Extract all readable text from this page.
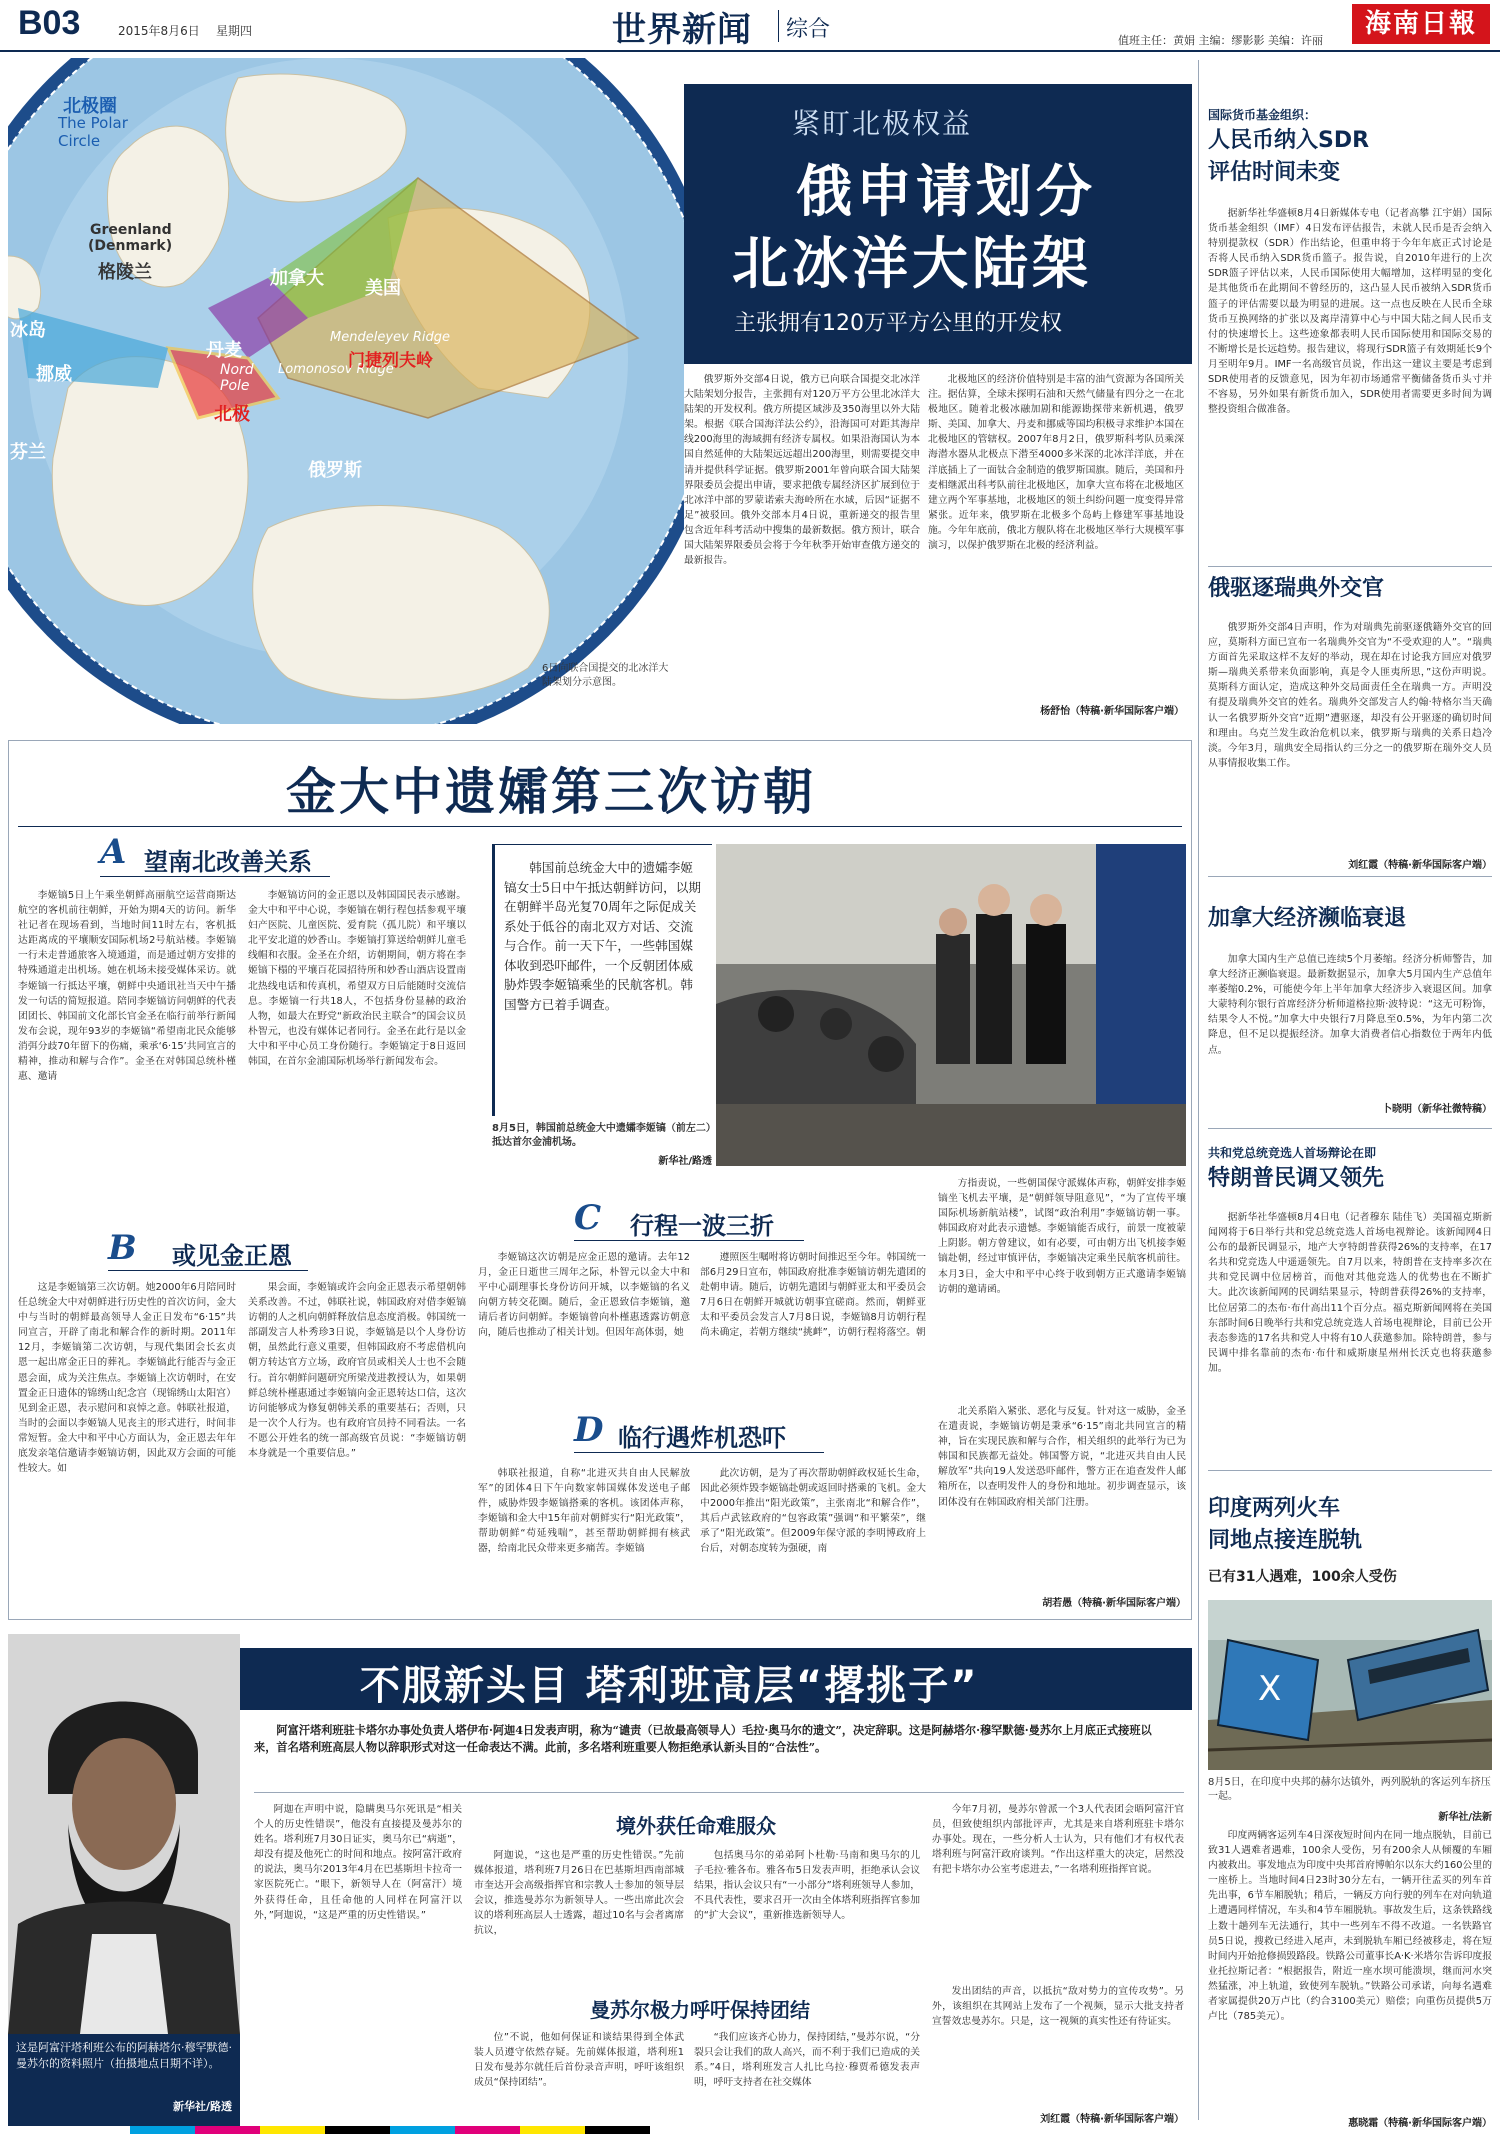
B03	2015年8月6日 星期四	世界新闻 综合	值班主任：黄娟 主编：缪影影 美编：许丽
海南日報
北极圈
The Polar
Circle
Greenland
(Denmark)
格陵兰
冰岛
挪威
丹麦
加拿大 美国
Nord
Pole
北极
Mendeleyev Ridge
Lomonosov Ridge
门捷列夫岭
俄罗斯
芬兰
6日向联合国提交的北冰洋大陆架划分示意图。
紧盯北极权益
俄申请划分
北冰洋大陆架
主张拥有120万平方公里的开发权
俄罗斯外交部4日说，俄方已向联合国提交北冰洋大陆架划分报告，主张拥有对120万平方公里北冰洋大陆架的开发权利。俄方所提区域涉及350海里以外大陆架。根据《联合国海洋法公约》，沿海国可对距其海岸线200海里的海域拥有经济专属权。如果沿海国认为本国自然延伸的大陆架远远超出200海里，则需要提交申请并提供科学证据。俄罗斯2001年曾向联合国大陆架界限委员会提出申请，要求把俄专属经济区扩展到位于北冰洋中部的罗蒙诺索夫海岭所在水域，后因“证据不足”被驳回。俄外交部本月4日说，重新递交的报告里包含近年科考活动中搜集的最新数据。俄方预计，联合国大陆架界限委员会将于今年秋季开始审查俄方递交的最新报告。
北极地区的经济价值特别是丰富的油气资源为各国所关注。据估算，全球未探明石油和天然气储量有四分之一在北极地区。随着北极冰融加剧和能源勘探带来新机遇，俄罗斯、美国、加拿大、丹麦和挪威等国均积极寻求维护本国在北极地区的管辖权。2007年8月2日，俄罗斯科考队员乘深海潜水器从北极点下潜至4000多米深的北冰洋洋底，并在洋底插上了一面钛合金制造的俄罗斯国旗。随后，美国和丹麦相继派出科考队前往北极地区，加拿大宣布将在北极地区建立两个军事基地，北极地区的领土纠纷问题一度变得异常紧张。近年来，俄罗斯在北极多个岛屿上修建军事基地设施。今年年底前，俄北方舰队将在北极地区举行大规模军事演习，以保护俄罗斯在北极的经济利益。
杨舒怡（特稿·新华国际客户端）
国际货币基金组织：
人民币纳入SDR
评估时间未变
据新华社华盛顿8月4日新媒体专电（记者高攀 江宇娟）国际货币基金组织（IMF）4日发布评估报告，未就人民币是否会纳入特别提款权（SDR）作出结论，但重申将于今年年底正式讨论是否将人民币纳入SDR货币篮子。报告说，自2010年进行的上次SDR篮子评估以来，人民币国际使用大幅增加，这样明显的变化是其他货币在此期间不曾经历的，这凸显人民币被纳入SDR货币篮子的评估需要以最为明显的进展。这一点也反映在人民币全球货币互换网络的扩张以及离岸清算中心与中国大陆之间人民币支付的快速增长上。这些迹象都表明人民币国际使用和国际交易的不断增长是长远趋势。报告建议，将现行SDR篮子有效期延长9个月至明年9月。IMF一名高级官员说，作出这一建议主要是考虑到SDR使用者的反馈意见，因为年初市场通常平衡储备货币头寸并不容易，另外如果有新货币加入，SDR使用者需要更多时间为调整投资组合做准备。
俄驱逐瑞典外交官
俄罗斯外交部4日声明，作为对瑞典先前驱逐俄籍外交官的回应，莫斯科方面已宣布一名瑞典外交官为“不受欢迎的人”。“瑞典方面首先采取这样不友好的举动，现在却在讨论我方回应对俄罗斯—瑞典关系带来负面影响，真是令人匪夷所思，”这份声明说。莫斯科方面认定，造成这种外交局面责任全在瑞典一方。声明没有提及瑞典外交官的姓名。瑞典外交部发言人约翰·特格尔当天确认一名俄罗斯外交官“近期”遭驱逐，却没有公开驱逐的确切时间和理由。乌克兰发生政治危机以来，俄罗斯与瑞典的关系日趋冷淡。今年3月，瑞典安全局指认约三分之一的俄罗斯在瑞外交人员从事情报收集工作。
刘红霞（特稿·新华国际客户端）
加拿大经济濒临衰退
加拿大国内生产总值已连续5个月萎缩。经济分析师警告，加拿大经济正濒临衰退。最新数据显示，加拿大5月国内生产总值年率萎缩0.2%，可能使今年上半年加拿大经济步入衰退区间。加拿大蒙特利尔银行首席经济分析师道格拉斯·波特说：“这无可粉饰，结果令人不悦。”加拿大中央银行7月降息至0.5%，为年内第二次降息，但不足以提振经济。加拿大消费者信心指数位于两年内低点。
卜晓明（新华社微特稿）
共和党总统竞选人首场辩论在即
特朗普民调又领先
据新华社华盛顿8月4日电（记者穆东 陆佳飞）美国福克斯新闻网将于6日举行共和党总统竞选人首场电视辩论。该新闻网4日公布的最新民调显示，地产大亨特朗普获得26%的支持率，在17名共和党竞选人中遥遥领先。自7月以来，特朗普在支持率多次在共和党民调中位居榜首，而他对其他竞选人的优势也在不断扩大。此次该新闻网的民调结果显示，特朗普获得26%的支持率，比位居第二的杰布·布什高出11个百分点。福克斯新闻网将在美国东部时间6日晚举行共和党总统竞选人首场电视辩论，目前已公开表态参选的17名共和党人中将有10人获邀参加。除特朗普，参与民调中排名靠前的杰布·布什和威斯康星州州长沃克也将获邀参加。
印度两列火车
同地点接连脱轨
已有31人遇难，100余人受伤
X
8月5日，在印度中央邦的赫尔达镇外，两列脱轨的客运列车挤压一起。
新华社/法新
印度两辆客运列车4日深夜短时间内在同一地点脱轨，目前已致31人遇难者遇难，100余人受伤，另有200余人从倾覆的车厢内被救出。事发地点为印度中央邦首府博帕尔以东大约160公里的一座桥上。当地时间4日23时30分左右，一辆开往孟买的列车首先出事，6节车厢脱轨；稍后，一辆反方向行驶的列车在对向轨道上遭遇同样情况，车头和4节车厢脱轨。事故发生后，这条铁路线上数十趟列车无法通行，其中一些列车不得不改道。一名铁路官员5日说，搜救已经进入尾声，未到脱轨车厢已经被移走，将在短时间内开始抢修损毁路段。铁路公司董事长A·K·米塔尔告诉印度报业托拉斯记者：“根据报告，附近一座水坝可能溃坝，继而河水突然猛涨，冲上轨道，致使列车脱轨。”铁路公司承诺，向每名遇难者家属提供20万卢比（约合3100美元）赔偿；向重伤员提供5万卢比（785美元）。
惠晓霜（特稿·新华国际客户端）
金大中遗孀第三次访朝
A 望南北改善关系
李姬镐5日上午乘坐朝鲜高丽航空运营商斯达航空的客机前往朝鲜，开始为期4天的访问。新华社记者在现场看到，当地时间11时左右，客机抵达距离成的平壤顺安国际机场2号航站楼。李姬镐一行未走普通旅客入境通道，而是通过朝方安排的特殊通道走出机场。她在机场未接受媒体采访。就李姬镐一行抵达平壤，朝鲜中央通讯社当天中午播发一句话的简短报道。陪同李姬镐访问朝鲜的代表团团长、韩国前文化部长官金圣在临行前举行新闻发布会说，现年93岁的李姬镐“希望南北民众能够消弭分歧70年留下的伤痛，乘承‘6·15’共同宣言的精神，推动和解与合作”。金圣在对韩国总统朴槿惠、邀请
李姬镐访问的金正恩以及韩国国民表示感谢。金大中和平中心说，李姬镐在朝行程包括参观平壤妇产医院、儿童医院、爱育院（孤儿院）和平壤以北平安北道的妙香山。李姬镐打算送给朝鲜儿童毛线帽和衣服。金圣在介绍，访朝期间，朝方将在李姬镐下榻的平壤百花园招待所和妙香山酒店设置南北热线电话和传真机，希望双方日后能随时交流信息。李姬镐一行共18人，不包括身份显赫的政治人物，如最大在野党“新政治民主联合”的国会议员朴智元，也没有媒体记者同行。金圣在此行是以金大中和平中心员工身份随行。李姬镐定于8日返回韩国，在首尔金浦国际机场举行新闻发布会。
韩国前总统金大中的遗孀李姬镐女士5日中午抵达朝鲜访问，以期在朝鲜半岛光复70周年之际促成关系处于低谷的南北双方对话、交流与合作。前一天下午，一些韩国媒体收到恐吓邮件，一个反朝团体威胁炸毁李姬镐乘坐的民航客机。韩国警方已着手调查。
8月5日，韩国前总统金大中遗孀李姬镐（前左二）抵达首尔金浦机场。
新华社/路透
B 或见金正恩
这是李姬镐第三次访朝。她2000年6月陪同时任总统金大中对朝鲜进行历史性的首次访问，金大中与当时的朝鲜最高领导人金正日发布“6·15”共同宣言，开辟了南北和解合作的新时期。2011年12月，李姬镐第二次访朝，与现代集团会长玄贞恩一起出席金正日的葬礼。李姬镐此行能否与金正恩会面，成为关注焦点。李姬镐上次访朝时，在安置金正日遗体的锦绣山纪念宫（现锦绣山太阳宫）见到金正恩，表示慰问和哀悼之意。韩联社报道，当时的会面以李姬镐人见丧主的形式进行，时间非常短暂。金大中和平中心方面认为，金正恩去年年底发亲笔信邀请李姬镐访朝，因此双方会面的可能性较大。如
果会面，李姬镐或许会向金正恩表示希望朝韩关系改善。不过，韩联社说，韩国政府对借李姬镐访朝的人之机向朝鲜释放信息态度消极。韩国统一部副发言人朴秀珍3日说，李姬镐是以个人身份访朝，虽然此行意义重要，但韩国政府不考虑借机向朝方转达官方立场，政府官员或相关人士也不会随行。首尔朝鲜问题研究所梁茂进教授认为，如果朝鲜总统朴槿惠通过李姬镐向金正恩转达口信，这次访问能够成为修复朝韩关系的重要基石；否则，只是一次个人行为。也有政府官员持不同看法。一名不愿公开姓名的统一部高级官员说：“李姬镐访朝本身就是一个重要信息。”
C 行程一波三折
李姬镐这次访朝是应金正恩的邀请。去年12月，金正日逝世三周年之际，朴智元以金大中和平中心副理事长身份访问开城，以李姬镐的名义向朝方转交花圈。随后，金正恩致信李姬镐，邀请后者访问朝鲜。李姬镐曾向朴槿惠透露访朝意向，随后也推动了相关计划。但因年高体弱，她
遵照医生嘱咐将访朝时间推迟至今年。韩国统一部6月29日宣布，韩国政府批准李姬镐访朝先遣团的赴朝申请。随后，访朝先遣团与朝鲜亚太和平委员会7月6日在朝鲜开城就访朝事宜磋商。然而，朝鲜亚太和平委员会发言人7月8日说，李姬镐8月访朝行程尚未确定，若朝方继续“挑衅”，访朝行程将落空。朝
方指责说，一些朝国保守派媒体声称，朝鲜安排李姬镐坐飞机去平壤，是“朝鲜领导阻意见”，“为了宣传平壤国际机场新航站楼”，试图“政治利用”李姬镐访朝一事。韩国政府对此表示遗憾。李姬镐能否成行，前景一度被蒙上阴影。朝方曾建议，如有必要，可由朝方出飞机接李姬镐赴朝，经过审慎评估，李姬镐决定乘坐民航客机前往。本月3日，金大中和平中心终于收到朝方正式邀请李姬镐访朝的邀请函。
D 临行遇炸机恐吓
韩联社报道，自称“北进灭共自由人民解放军”的团体4日下午向数家韩国媒体发送电子邮件，威胁炸毁李姬镐搭乘的客机。该团体声称，李姬镐和金大中15年前对朝鲜实行“阳光政策”，帮助朝鲜“苟延残喘”，甚至帮助朝鲜拥有核武器，给南北民众带来更多痛苦。李姬镐
此次访朝，是为了再次帮助朝鲜政权延长生命，因此必须炸毁李姬镐赴朝或返回时搭乘的飞机。金大中2000年推出“阳光政策”，主张南北“和解合作”，其后卢武铉政府的“包容政策”强调“和平繁荣”，继承了“阳光政策”。但2009年保守派的李明博政府上台后，对朝态度转为强硬，南
北关系陷入紧张、恶化与反复。针对这一威胁，金圣在遣责说，李姬镐访朝是秉承“6·15”南北共同宣言的精神，旨在实现民族和解与合作，相关组织的此举行为已为韩国和民族都无益处。韩国警方说，“北进灭共自由人民解放军”共向19人发送恐吓邮件，警方正在追查发件人邮箱所在，以查明发件人的身份和地址。初步调查显示，该团体没有在韩国政府相关部门注册。
胡若愚（特稿·新华国际客户端）
这是阿富汗塔利班公布的阿赫塔尔·穆罕默德·曼苏尔的资料照片（拍摄地点日期不详）。
新华社/路透
不服新头目 塔利班高层“撂挑子”
阿富汗塔利班驻卡塔尔办事处负责人塔伊布·阿迦4日发表声明，称为“谴责（已故最高领导人）毛拉·奥马尔的遗文”，决定辞职。这是阿赫塔尔·穆罕默德·曼苏尔上月底正式接班以来，首名塔利班高层人物以辞职形式对这一任命表达不满。此前，多名塔利班重要人物拒绝承认新头目的“合法性”。
阿迦在声明中说，隐瞒奥马尔死讯是“相关个人的历史性错误”，他没有直接提及曼苏尔的姓名。塔利班7月30日证实，奥马尔已“病逝”，却没有提及他死亡的时间和地点。按阿富汗政府的说法，奥马尔2013年4月在巴基斯坦卡拉奇一家医院死亡。“眼下，新领导人在（阿富汗）境外获得任命，且任命他的人同样在阿富汗以外，”阿迦说，“这是严重的历史性错误。”
境外获任命难服众
阿迦说，“这也是严重的历史性错误。”先前媒体报道，塔利班7月26日在巴基斯坦西南部城市奎达开会高级指挥官和宗教人士参加的领导层会议，推选曼苏尔为新领导人。一些出席此次会议的塔利班高层人士透露，超过10名与会者离席抗议，
包括奥马尔的弟弟阿卜杜勒·马南和奥马尔的儿子毛拉·雅各布。雅各布5日发表声明，拒绝承认会议结果，指认会议只有“一小部分”塔利班领导人参加，不具代表性，要求召开一次由全体塔利班指挥官参加的“扩大会议”，重新推选新领导人。
今年7月初，曼苏尔曾派一个3人代表团会晤阿富汗官员，但致使组织内部批评声，尤其是来自塔利班驻卡塔尔办事处。现在，一些分析人士认为，只有他们才有权代表塔利班与阿富汗政府谈判。“作出这样重大的决定，居然没有把卡塔尔办公室考虑进去，”一名塔利班指挥官说。
曼苏尔极力呼吁保持团结
位”不说，他如何保证和谈结果得到全体武装人员遵守依然存疑。先前媒体报道，塔利班1日发布曼苏尔就任后首份录音声明，呼吁该组织成员“保持团结”。
“我们应该齐心协力，保持团结，”曼苏尔说，“分裂只会让我们的敌人高兴，而不利于我们已造成的关系。”4日，塔利班发言人扎比乌拉·穆贾希德发表声明，呼吁支持者在社交媒体
发出团结的声音，以抵抗“敌对势力的宣传攻势”。另外，该组织在其网站上发布了一个视频，显示大批支持者宣誓效忠曼苏尔。只是，这一视频的真实性还有待证实。
刘红霞（特稿·新华国际客户端）
